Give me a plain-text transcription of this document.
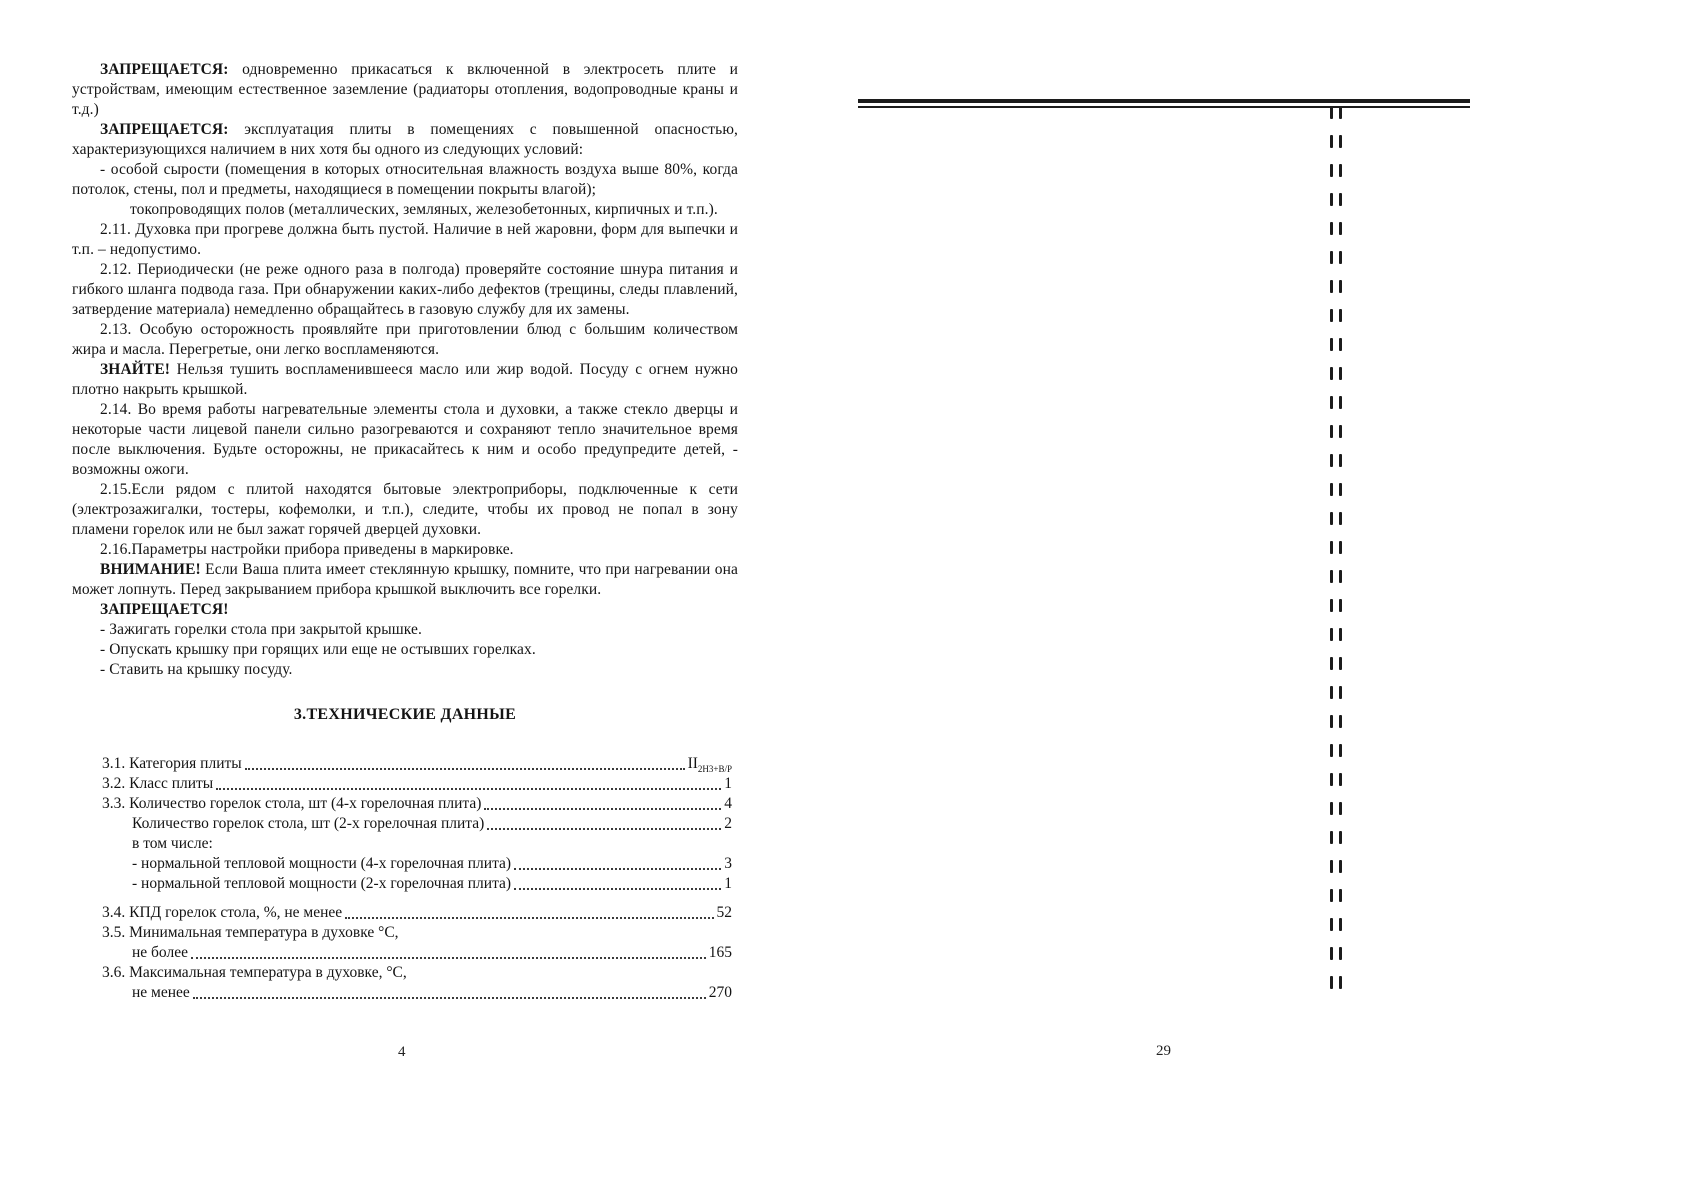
ЗАПРЕЩАЕТСЯ: одновременно прикасаться к включенной в электросеть плите и устройствам, имеющим естественное заземление (радиаторы отопления, водопроводные краны и т.д.)
ЗАПРЕЩАЕТСЯ: эксплуатация плиты в помещениях с повышенной опасностью, характеризующихся наличием в них хотя бы одного из следующих условий:
- особой сырости (помещения в которых относительная влажность воздуха выше 80%, когда потолок, стены, пол и предметы, находящиеся в помещении покрыты влагой);
токопроводящих полов (металлических, земляных, железобетонных, кирпичных и т.п.).
2.11. Духовка при прогреве должна быть пустой. Наличие в ней жаровни, форм для выпечки и т.п. – недопустимо.
2.12. Периодически (не реже одного раза в полгода) проверяйте состояние шнура питания и гибкого шланга подвода газа. При обнаружении каких-либо дефектов (трещины, следы плавлений, затвердение материала) немедленно обращайтесь в газовую службу для их замены.
2.13. Особую осторожность проявляйте при приготовлении блюд с большим количеством жира и масла. Перегретые, они легко воспламеняются.
ЗНАЙТЕ! Нельзя тушить воспламенившееся масло или жир водой. Посуду с огнем нужно плотно накрыть крышкой.
2.14. Во время работы нагревательные элементы стола и духовки, а также стекло дверцы и некоторые части лицевой панели сильно разогреваются и сохраняют тепло значительное время после выключения. Будьте осторожны, не прикасайтесь к ним и особо предупредите детей, - возможны ожоги.
2.15.Если рядом с плитой находятся бытовые электроприборы, подключенные к сети (электрозажигалки, тостеры, кофемолки, и т.п.), следите, чтобы их провод не попал в зону пламени горелок или не был зажат горячей дверцей духовки.
2.16.Параметры настройки прибора приведены в маркировке.
ВНИМАНИЕ! Если Ваша плита имеет стеклянную крышку, помните, что при нагревании она может лопнуть. Перед закрыванием прибора крышкой выключить все горелки.
ЗАПРЕЩАЕТСЯ!
- Зажигать горелки стола при закрытой крышке.
- Опускать крышку при горящих или еще не остывших горелках.
- Ставить на крышку посуду.
3.ТЕХНИЧЕСКИЕ ДАННЫЕ
3.1. Категория плиты	$II_{2Н3+В/Р}$
3.2. Класс плиты	1
3.3. Количество горелок стола, шт (4-х горелочная плита)	4
Количество горелок стола, шт (2-х горелочная плита)	2
в том числе:
- нормальной тепловой мощности (4-х горелочная плита)	3
- нормальной тепловой мощности (2-х горелочная плита)	1
3.4. КПД горелок стола, %, не менее	52
3.5. Минимальная температура в духовке °С,
не более	165
3.6. Максимальная температура в духовке, °С,
не менее	270
4	29
